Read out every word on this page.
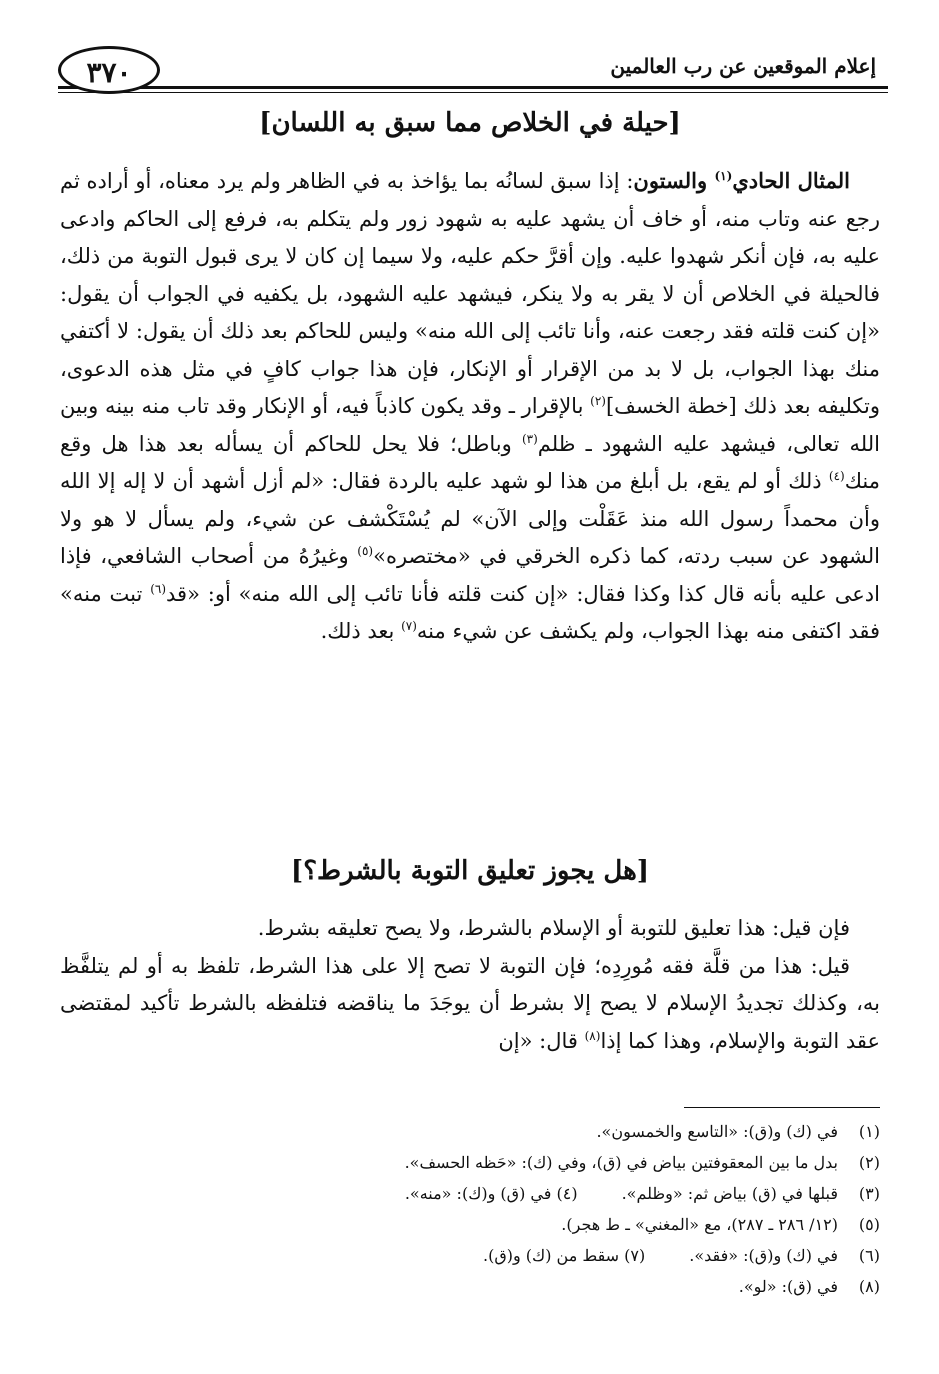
إعلام الموقعين عن رب العالمين
٣٧٠
[حيلة في الخلاص مما سبق به اللسان]

المثال الحادي$^{(١)}$ والستون: إذا سبق لسانُه بما يؤاخذ به في الظاهر ولم يرد معناه، أو أراده ثم رجع عنه وتاب منه، أو خاف أن يشهد عليه به شهود زور ولم يتكلم به، فرفع إلى الحاكم وادعى عليه به، فإن أنكر شهدوا عليه. وإن أقرَّ حكم عليه، ولا سيما إن كان لا يرى قبول التوبة من ذلك، فالحيلة في الخلاص أن لا يقر به ولا ينكر، فيشهد عليه الشهود، بل يكفيه في الجواب أن يقول: «إن كنت قلته فقد رجعت عنه، وأنا تائب إلى الله منه» وليس للحاكم بعد ذلك أن يقول: لا أكتفي منك بهذا الجواب، بل لا بد من الإقرار أو الإنكار، فإن هذا جواب كافٍ في مثل هذه الدعوى، وتكليفه بعد ذلك [خطة الخسف]$^{(٢)}$ بالإقرار ـ وقد يكون كاذباً فيه، أو الإنكار وقد تاب منه بينه وبين الله تعالى، فيشهد عليه الشهود ـ ظلم$^{(٣)}$ وباطل؛ فلا يحل للحاكم أن يسأله بعد هذا هل وقع منك$^{(٤)}$ ذلك أو لم يقع، بل أبلغ من هذا لو شهد عليه بالردة فقال: «لم أزل أشهد أن لا إله إلا الله وأن محمداً رسول الله منذ عَقَلْت وإلى الآن» لم يُسْتَكْشف عن شيء، ولم يسأل لا هو ولا الشهود عن سبب ردته، كما ذكره الخرقي في «مختصره»$^{(٥)}$ وغيرُهُ من أصحاب الشافعي، فإذا ادعى عليه بأنه قال كذا وكذا فقال: «إن كنت قلته فأنا تائب إلى الله منه» أو: «قد$^{(٦)}$ تبت منه» فقد اكتفى منه بهذا الجواب، ولم يكشف عن شيء منه$^{(٧)}$ بعد ذلك.

[هل يجوز تعليق التوبة بالشرط؟]

فإن قيل: هذا تعليق للتوبة أو الإسلام بالشرط، ولا يصح تعليقه بشرط.

قيل: هذا من قلَّة فقه مُورِدِه؛ فإن التوبة لا تصح إلا على هذا الشرط، تلفظ به أو لم يتلفَّظ به، وكذلك تجديدُ الإسلام لا يصح إلا بشرط أن يوجَدَ ما يناقضه فتلفظه بالشرط تأكيد لمقتضى عقد التوبة والإسلام، وهذا كما إذا$^{(٨)}$ قال: «إن

(١)في (ك) و(ق): «التاسع والخمسون».
(٢)بدل ما بين المعقوفتين بياض في (ق)، وفي (ك): «حَظه الحسف».
(٣)قبلها في (ق) بياض ثم: «وظلم».(٤) في (ق) و(ك): «منه».
(٥)(١٢/ ٢٨٦ ـ ٢٨٧)، مع «المغني» ـ ط هجر).
(٦)في (ك) و(ق): «فقد».(٧) سقط من (ك) و(ق).
(٨)في (ق): «لو».
